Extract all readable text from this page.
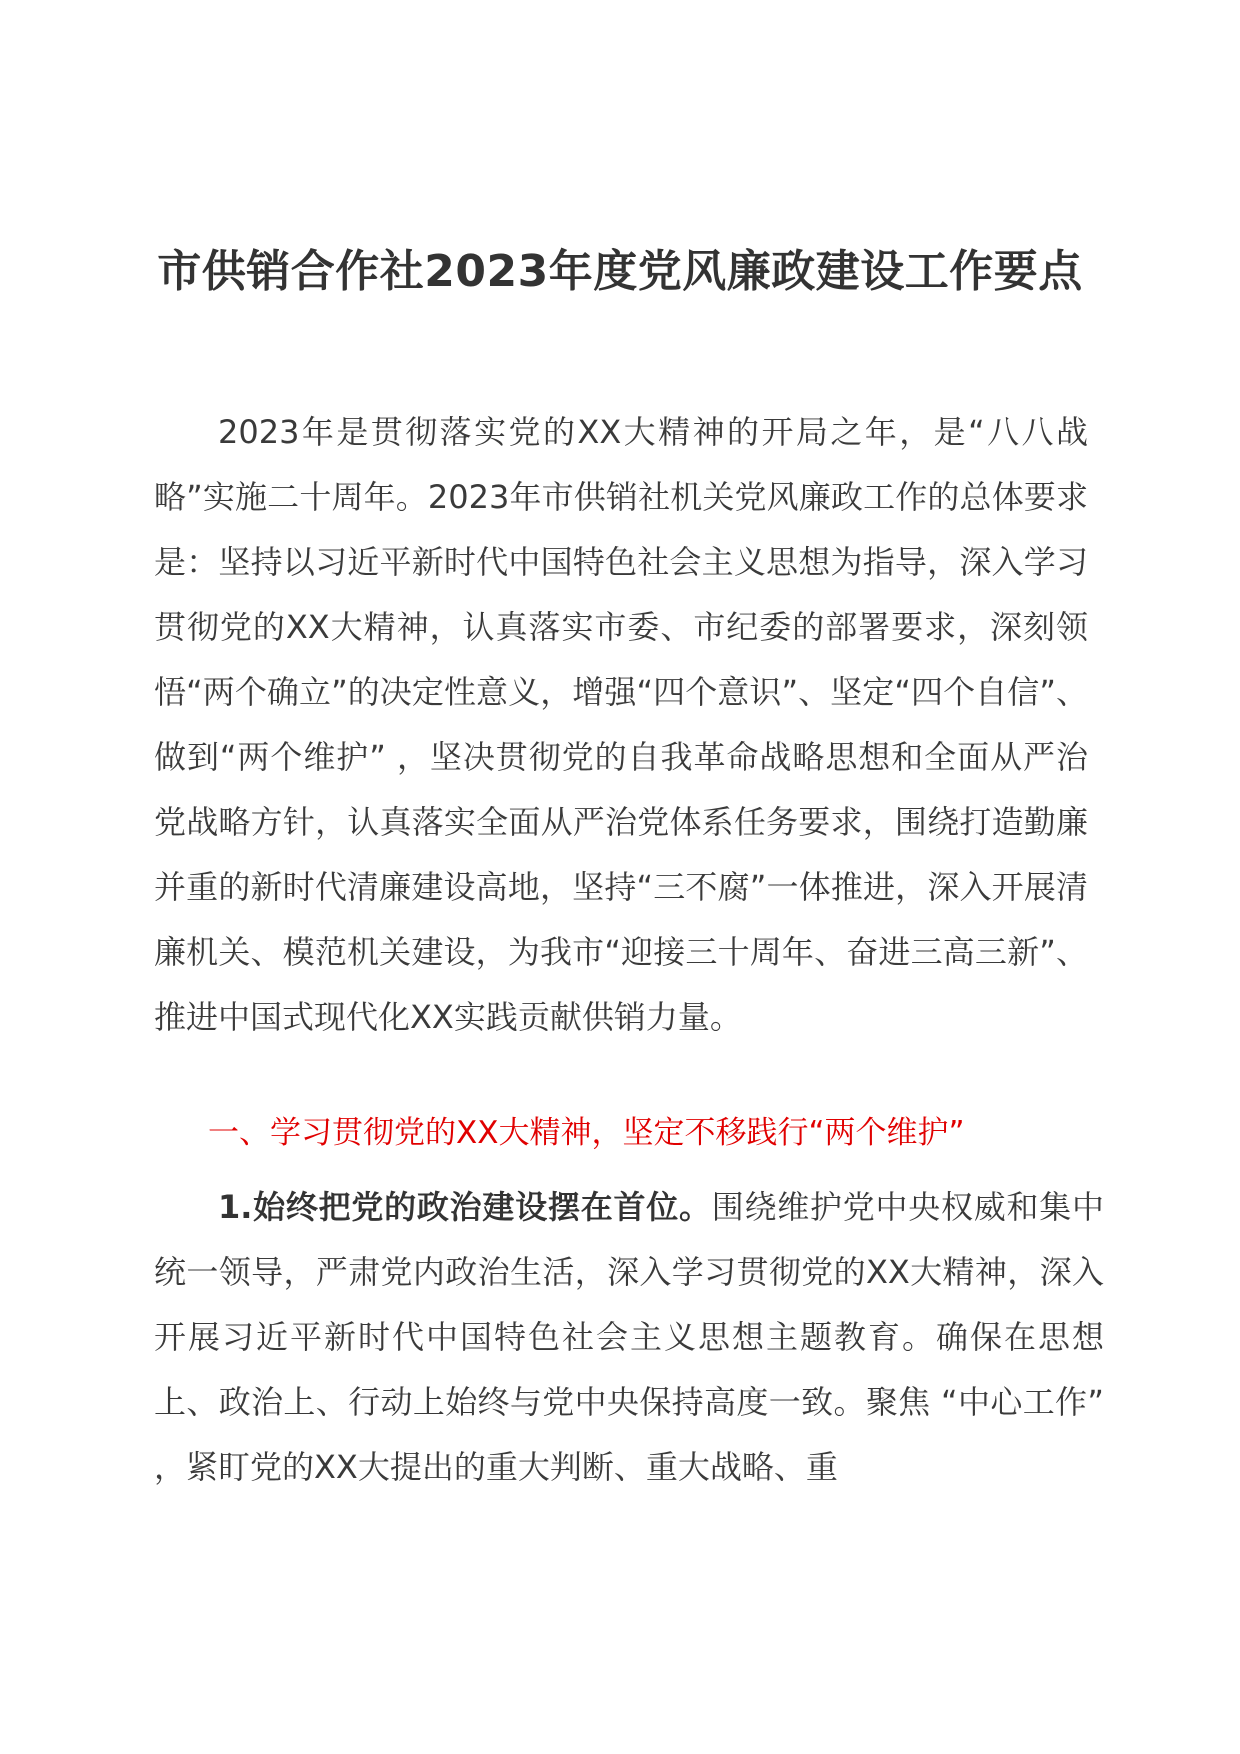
市供销合作社2023年度党风廉政建设工作要点

2023年是贯彻落实党的XX大精神的开局之年，是“八八战略”实施二十周年。2023年市供销社机关党风廉政工作的总体要求是：坚持以习近平新时代中国特色社会主义思想为指导，深入学习贯彻党的XX大精神，认真落实市委、市纪委的部署要求，深刻领悟“两个确立”的决定性意义，增强“四个意识”、坚定“四个自信”、做到“两个维护” ，坚决贯彻党的自我革命战略思想和全面从严治党战略方针，认真落实全面从严治党体系任务要求，围绕打造勤廉并重的新时代清廉建设高地，坚持“三不腐”一体推进，深入开展清廉机关、模范机关建设，为我市“迎接三十周年、奋进三高三新”、推进中国式现代化XX实践贡献供销力量。

一、学习贯彻党的XX大精神，坚定不移践行“两个维护”

1.始终把党的政治建设摆在首位。围绕维护党中央权威和集中统一领导，严肃党内政治生活，深入学习贯彻党的XX大精神，深入开展习近平新时代中国特色社会主义思想主题教育。确保在思想上、政治上、行动上始终与党中央保持高度一致。聚焦 “中心工作” ，紧盯党的XX大提出的重大判断、重大战略、重
